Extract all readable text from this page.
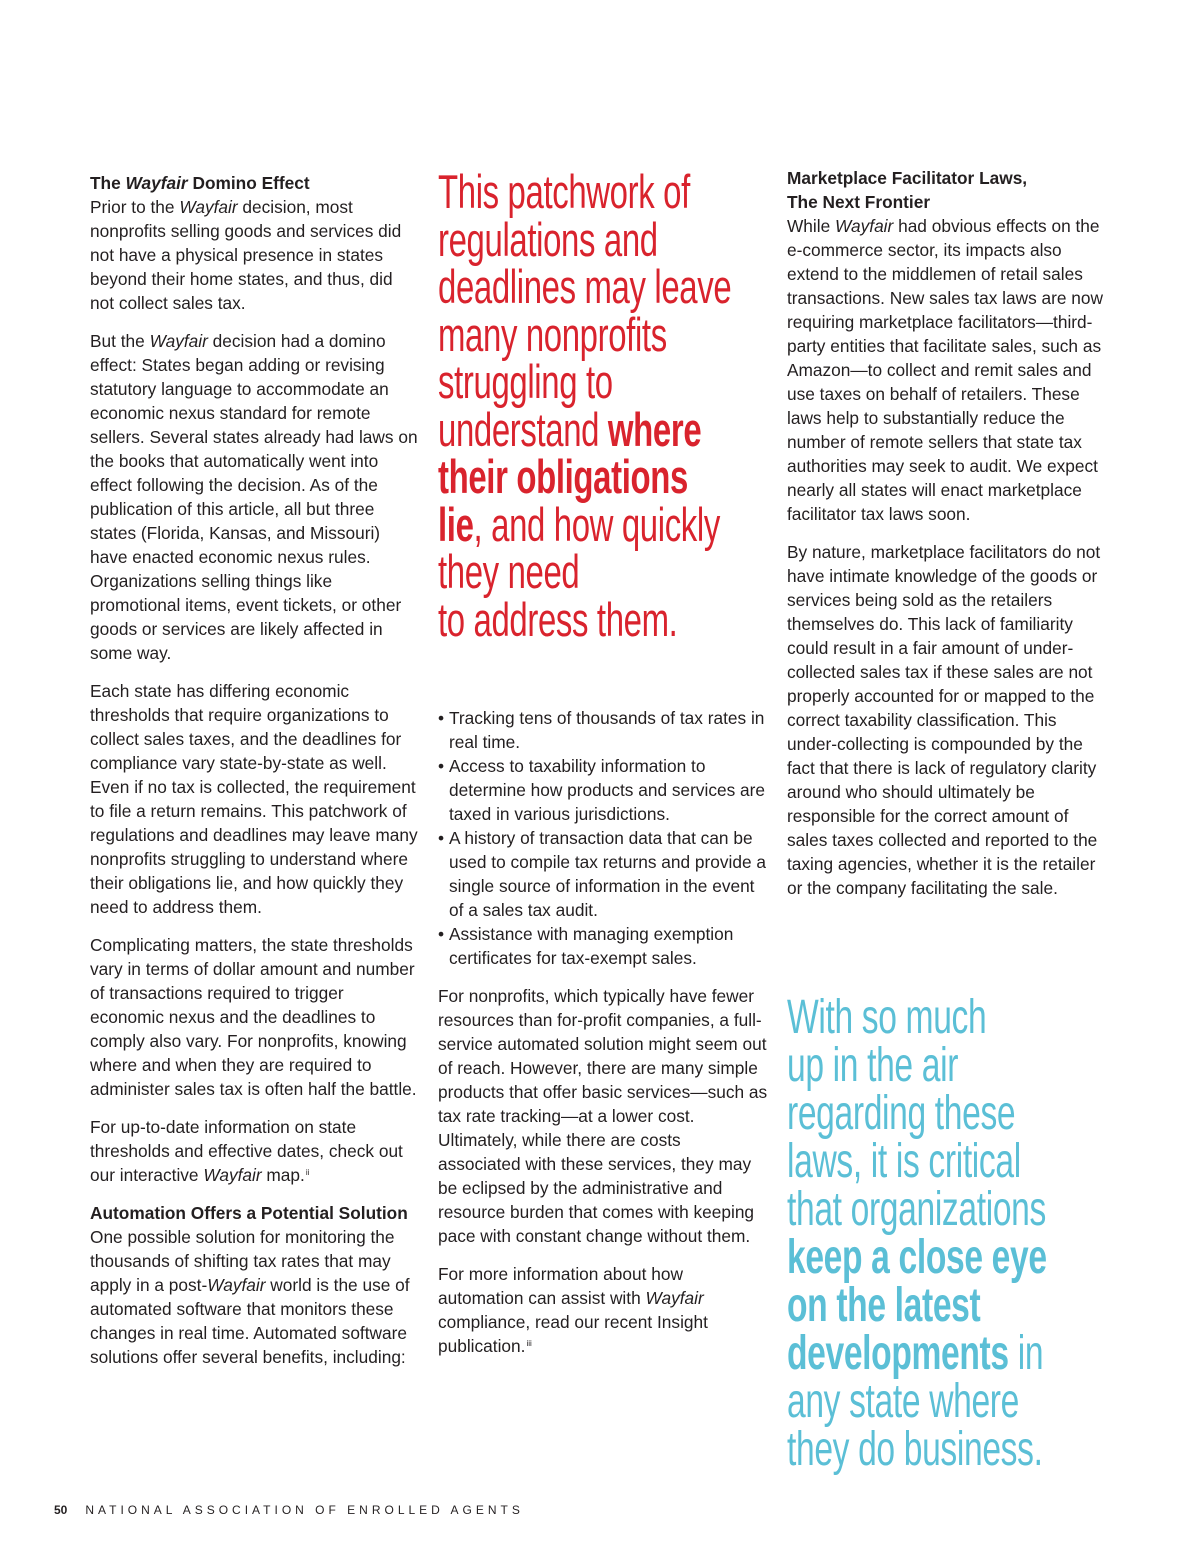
The Wayfair Domino Effect

Prior to the Wayfair decision, most nonprofits selling goods and services did not have a physical presence in states beyond their home states, and thus, did not collect sales tax.

But the Wayfair decision had a domino effect: States began adding or revising statutory language to accommodate an economic nexus standard for remote sellers. Several states already had laws on the books that automatically went into effect following the decision. As of the publication of this article, all but three states (Florida, Kansas, and Missouri) have enacted economic nexus rules. Organizations selling things like promotional items, event tickets, or other goods or services are likely affected in some way.

Each state has differing economic thresholds that require organizations to collect sales taxes, and the deadlines for compliance vary state-by-state as well. Even if no tax is collected, the requirement to file a return remains. This patchwork of regulations and deadlines may leave many nonprofits struggling to understand where their obligations lie, and how quickly they need to address them.

Complicating matters, the state thresholds vary in terms of dollar amount and number of transactions required to trigger economic nexus and the deadlines to comply also vary. For nonprofits, knowing where and when they are required to administer sales tax is often half the battle.

For up-to-date information on state thresholds and effective dates, check out our interactive Wayfair map.$^{ii}$

Automation Offers a Potential Solution

One possible solution for monitoring the thousands of shifting tax rates that may apply in a post-Wayfair world is the use of automated software that monitors these changes in real time. Automated software solutions offer several benefits, including:

This patchwork of
regulations and
deadlines may leave
many nonprofits
struggling to
understand where
their obligations
lie, and how quickly
they need
to address them.
• Tracking tens of thousands of tax rates in real time.
• Access to taxability information to determine how products and services are taxed in various jurisdictions.
• A history of transaction data that can be used to compile tax returns and provide a single source of information in the event of a sales tax audit.
• Assistance with managing exemption certificates for tax-exempt sales.

For nonprofits, which typically have fewer resources than for-profit companies, a full-service automated solution might seem out of reach. However, there are many simple products that offer basic services—such as tax rate tracking—at a lower cost. Ultimately, while there are costs associated with these services, they may be eclipsed by the administrative and resource burden that comes with keeping pace with constant change without them.

For more information about how automation can assist with Wayfair compliance, read our recent Insight publication.$^{iii}$

Marketplace Facilitator Laws,
The Next Frontier

While Wayfair had obvious effects on the e-commerce sector, its impacts also extend to the middlemen of retail sales transactions. New sales tax laws are now requiring marketplace facilitators—third-party entities that facilitate sales, such as Amazon—to collect and remit sales and use taxes on behalf of retailers. These laws help to substantially reduce the number of remote sellers that state tax authorities may seek to audit. We expect nearly all states will enact marketplace facilitator tax laws soon.

By nature, marketplace facilitators do not have intimate knowledge of the goods or services being sold as the retailers themselves do. This lack of familiarity could result in a fair amount of under-collected sales tax if these sales are not properly accounted for or mapped to the correct taxability classification. This under-collecting is compounded by the fact that there is lack of regulatory clarity around who should ultimately be responsible for the correct amount of sales taxes collected and reported to the taxing agencies, whether it is the retailer or the company facilitating the sale.

With so much
up in the air
regarding these
laws, it is critical
that organizations
keep a close eye
on the latest
developments in
any state where
they do business.
50 NATIONAL ASSOCIATION OF ENROLLED AGENTS
